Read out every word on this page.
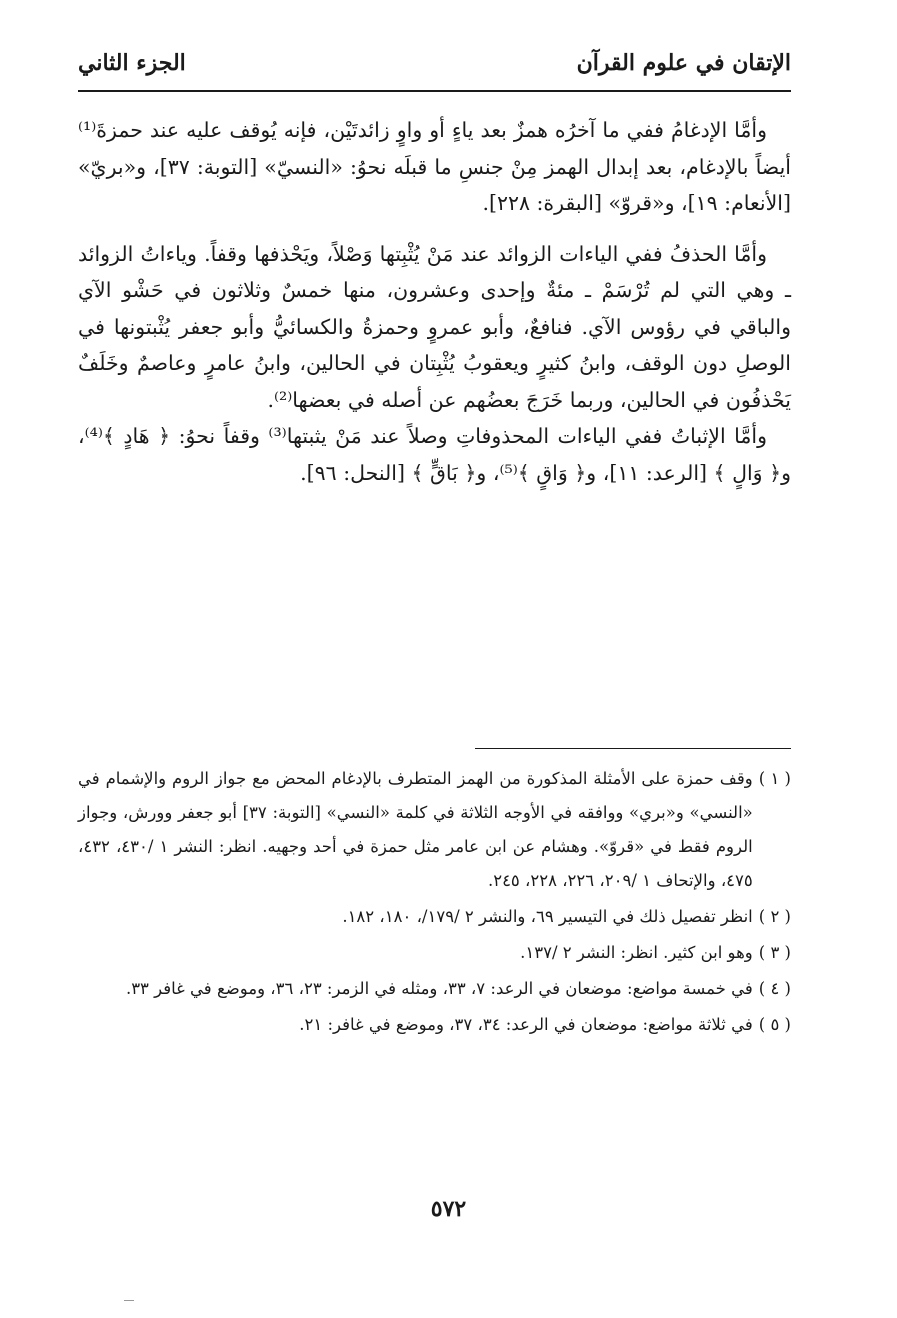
الإتقان في علوم القرآن
الجزء الثاني

وأمَّا الإدغامُ ففي ما آخرُه همزٌ بعد ياءٍ أو واوٍ زائدتَيْن، فإنه يُوقف عليه عند حمزةَ⁽¹⁾ أيضاً بالإدغام، بعد إبدال الهمز مِنْ جنسِ ما قبلَه نحوُ: «النسيّ» [التوبة: ٣٧]، و«بريّ» [الأنعام: ١٩]، و«قروّ» [البقرة: ٢٢٨].

وأمَّا الحذفُ ففي الياءات الزوائد عند مَنْ يُثْبِتها وَصْلاً، ويَحْذفها وقفاً. وياءاتُ الزوائد ـ وهي التي لم تُرْسَمْ ـ مئةٌ وإحدى وعشرون، منها خمسٌ وثلاثون في حَشْو الآي والباقي في رؤوس الآي. فنافعٌ، وأبو عمروٍ وحمزةُ والكسائيُّ وأبو جعفر يُثْبتونها في الوصلِ دون الوقف، وابنُ كثيرٍ ويعقوبُ يُثْبِتان في الحالين، وابنُ عامرٍ وعاصمٌ وخَلَفٌ يَحْذفُون في الحالين، وربما خَرَجَ بعضُهم عن أصله في بعضها⁽²⁾.

وأمَّا الإثباتُ ففي الياءات المحذوفاتِ وصلاً عند مَنْ يثبتها⁽³⁾ وقفاً نحوُ: ﴿ هَادٍ ﴾⁽⁴⁾، و﴿ وَالٍ ﴾ [الرعد: ١١]، و﴿ وَاقٍ ﴾⁽⁵⁾، و﴿ بَاقٍّ ﴾ [النحل: ٩٦].

( ١ )
وقف حمزة على الأمثلة المذكورة من الهمز المتطرف بالإدغام المحض مع جواز الروم والإشمام في «النسي» و«بري» ووافقه في الأوجه الثلاثة في كلمة «النسي» [التوبة: ٣٧] أبو جعفر وورش، وجواز الروم فقط في «قروّ». وهشام عن ابن عامر مثل حمزة في أحد وجهيه. انظر: النشر ١ /٤٣٠، ٤٣٢، ٤٧٥، والإتحاف ١ /٢٠٩، ٢٢٦، ٢٢٨، ٢٤٥.
( ٢ )
انظر تفصيل ذلك في التيسير ٦٩، والنشر ٢ /١٧٩/، ١٨٠، ١٨٢.
( ٣ )
وهو ابن كثير. انظر: النشر ٢ /١٣٧.
( ٤ )
في خمسة مواضع: موضعان في الرعد: ٧، ٣٣، ومثله في الزمر: ٢٣، ٣٦، وموضع في غافر ٣٣.
( ٥ )
في ثلاثة مواضع: موضعان في الرعد: ٣٤، ٣٧، وموضع في غافر: ٢١.
٥٧٢
